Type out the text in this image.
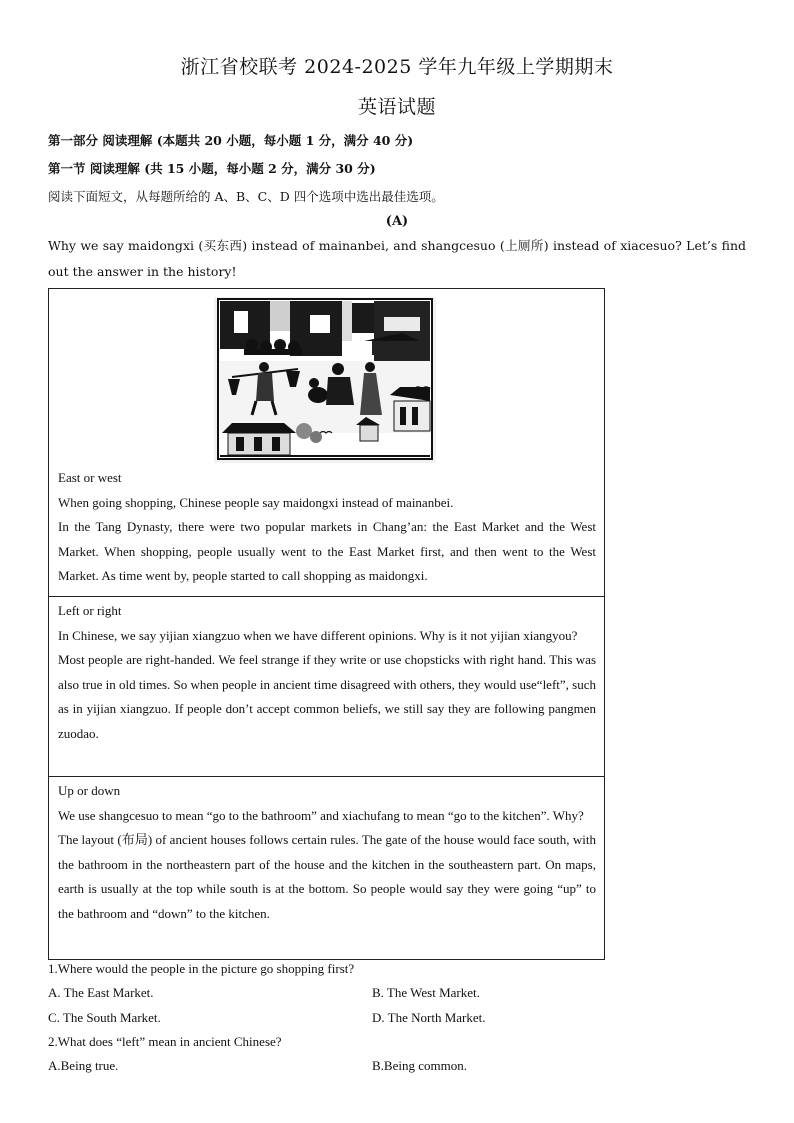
浙江省校联考 2024-2025 学年九年级上学期期末
英语试题
第一部分 阅读理解 (本题共 20 小题，每小题 1 分，满分 40 分)
第一节 阅读理解 (共 15 小题，每小题 2 分，满分 30 分)
阅读下面短文，从每题所给的 A、B、C、D 四个选项中选出最佳选项。
(A)
Why we say maidongxi (买东西) instead of mainanbei, and shangcesuo (上厕所) instead of xiacesuo? Let’s find out the answer in the history!
East or west
When going shopping, Chinese people say maidongxi instead of mainanbei.
In the Tang Dynasty, there were two popular markets in Chang’an: the East Market and the West Market. When shopping, people usually went to the East Market first, and then went to the West Market. As time went by, people started to call shopping as maidongxi.
Left or right
In Chinese, we say yijian xiangzuo when we have different opinions. Why is it not yijian xiangyou?
Most people are right-handed. We feel strange if they write or use chopsticks with right hand. This was also true in old times. So when people in ancient time disagreed with others, they would use“left”, such as in yijian xiangzuo. If people don’t accept common beliefs, we still say they are following pangmen zuodao.
Up or down
We use shangcesuo to mean “go to the bathroom” and xiachufang to mean “go to the kitchen”. Why?
The layout (布局) of ancient houses follows certain rules. The gate of the house would face south, with the bathroom in the northeastern part of the house and the kitchen in the southeastern part. On maps, earth is usually at the top while south is at the bottom. So people would say they were going “up” to the bathroom and “down” to the kitchen.
1.Where would the people in the picture go shopping first?
A. The East Market.	B. The West Market.
C. The South Market.	D. The North Market.
2.What does “left” mean in ancient Chinese?
A.Being true.	B.Being common.
